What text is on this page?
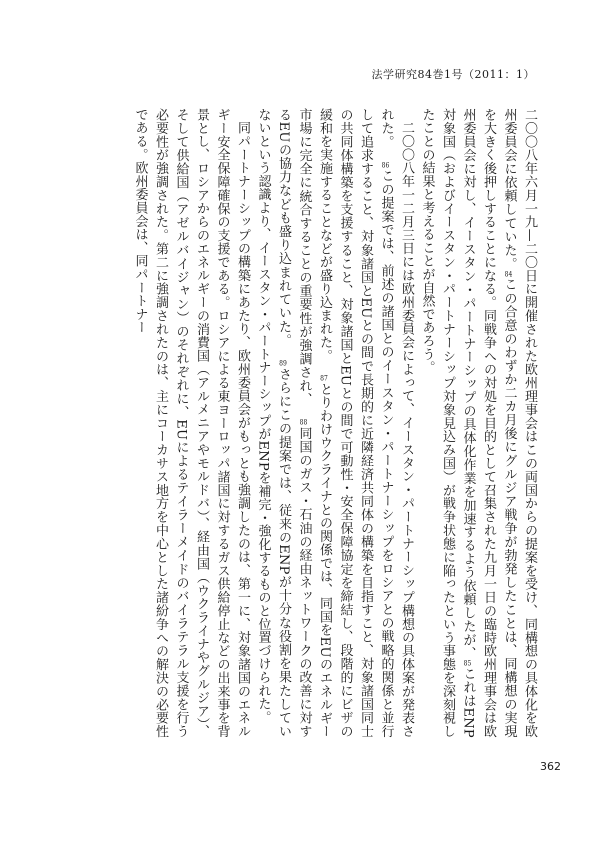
法学研究84巻1号（2011：1）

二〇〇八年六月一九—二〇日に開催された欧州理事会はこの両国からの提案を受け、同構想の具体化を欧州委員会に依頼していた。84この合意のわずか二カ月後にグルジア戦争が勃発したことは、同構想の実現を大きく後押しすることになる。同戦争への対処を目的として召集された九月一日の臨時欧州理事会は欧州委員会に対し、イースタン・パートナーシップの具体化作業を加速するよう依頼したが、85これはENP対象国（およびイースタン・パートナーシップ対象見込み国）が戦争状態に陥ったという事態を深刻視したことの結果と考えることが自然であろう。

二〇〇八年一二月三日には欧州委員会によって、イースタン・パートナーシップ構想の具体案が発表された。86この提案では、前述の諸国とのイースタン・パートナーシップをロシアとの戦略的関係と並行して追求すること、対象諸国とEUとの間で長期的に近隣経済共同体の構築を目指すこと、対象諸国同士の共同体構築を支援すること、対象諸国とEUとの間で可動性・安全保障協定を締結し、段階的にビザの緩和を実施することなどが盛り込まれた。87とりわけウクライナとの関係では、同国をEUのエネルギー市場に完全に統合することの重要性が強調され、88同国のガス・石油の経由ネットワークの改善に対するEUの協力なども盛り込まれていた。89さらにこの提案では、従来のENPが十分な役割を果たしていないという認識より、イースタン・パートナーシップがENPを補完・強化するものと位置づけられた。

同パートナーシップの構築にあたり、欧州委員会がもっとも強調したのは、第一に、対象諸国のエネルギー安全保障確保の支援である。ロシアによる東ヨーロッパ諸国に対するガス供給停止などの出来事を背景とし、ロシアからのエネルギーの消費国（アルメニアやモルドバ）、経由国（ウクライナやグルジア）、そして供給国（アゼルバイジャン）のそれぞれに、EUによるテイラーメイドのバイラテラル支援を行う必要性が強調された。第二に強調されたのは、主にコーカサス地方を中心とした諸紛争への解決の必要性である。欧州委員会は、同パートナー

362
